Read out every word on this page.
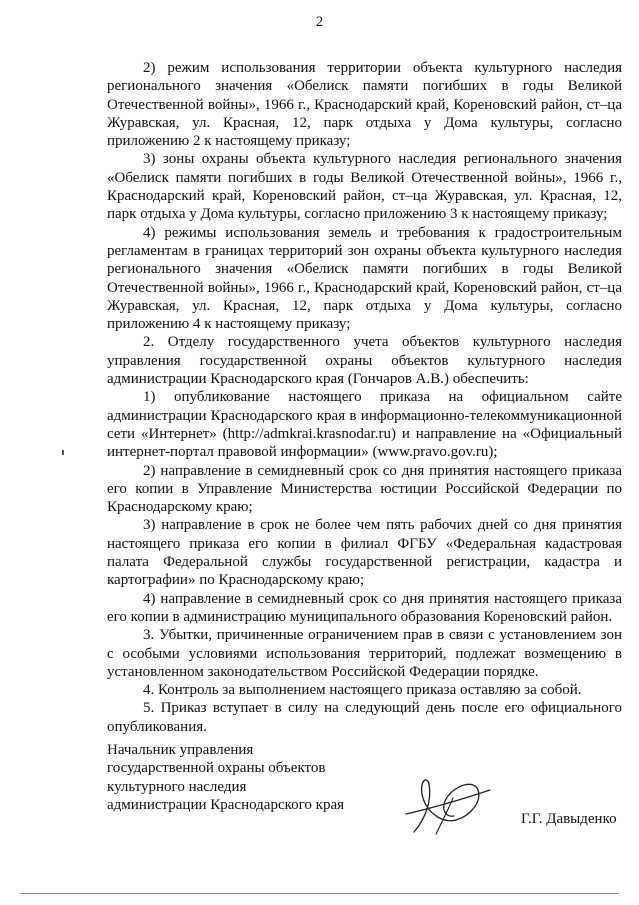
2

2) режим использования территории объекта культурного наследия регионального значения «Обелиск памяти погибших в годы Великой Отечественной войны», 1966 г., Краснодарский край, Кореновский район, ст–ца Журавская, ул. Красная, 12, парк отдыха у Дома культуры, согласно приложению 2 к настоящему приказу;

3) зоны охраны объекта культурного наследия регионального значения «Обелиск памяти погибших в годы Великой Отечественной войны», 1966 г., Краснодарский край, Кореновский район, ст–ца Журавская, ул. Красная, 12, парк отдыха у Дома культуры, согласно приложению 3 к настоящему приказу;

4) режимы использования земель и требования к градостроительным регламентам в границах территорий зон охраны объекта культурного наследия регионального значения «Обелиск памяти погибших в годы Великой Отечественной войны», 1966 г., Краснодарский край, Кореновский район, ст–ца Журавская, ул. Красная, 12, парк отдыха у Дома культуры, согласно приложению 4 к настоящему приказу;

2. Отделу государственного учета объектов культурного наследия управления государственной охраны объектов культурного наследия администрации Краснодарского края (Гончаров А.В.) обеспечить:

1) опубликование настоящего приказа на официальном сайте администрации Краснодарского края в информационно-телекоммуникационной сети «Интернет» (http://admkrai.krasnodar.ru) и направление на «Официальный интернет-портал правовой информации» (www.pravo.gov.ru);

2) направление в семидневный срок со дня принятия настоящего приказа его копии в Управление Министерства юстиции Российской Федерации по Краснодарскому краю;

3) направление в срок не более чем пять рабочих дней со дня принятия настоящего приказа его копии в филиал ФГБУ «Федеральная кадастровая палата Федеральной службы государственной регистрации, кадастра и картографии» по Краснодарскому краю;

4) направление в семидневный срок со дня принятия настоящего приказа его копии в администрацию муниципального образования Кореновский район.

3. Убытки, причиненные ограничением прав в связи с установлением зон с особыми условиями использования территорий, подлежат возмещению в установленном законодательством Российской Федерации порядке.

4. Контроль за выполнением настоящего приказа оставляю за собой.

5. Приказ вступает в силу на следующий день после его официального опубликования.

Начальник управления
государственной охраны объектов
культурного наследия
администрации Краснодарского края
Г.Г. Давыденко
